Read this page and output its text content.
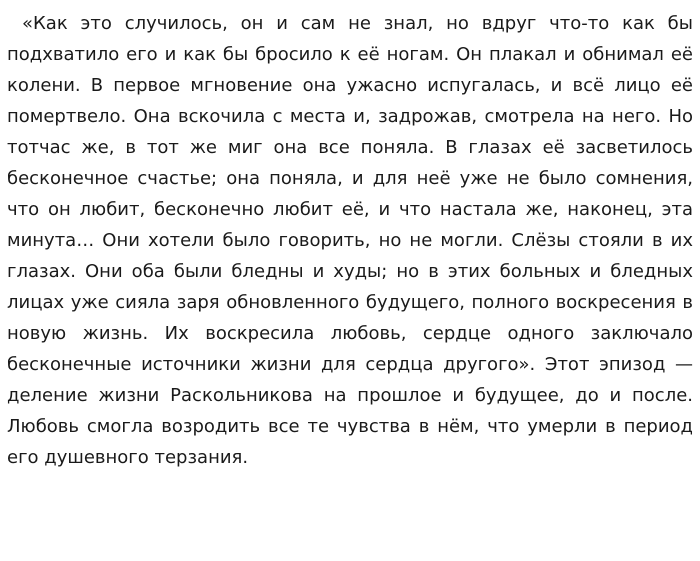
«Как это случилось, он и сам не знал, но вдруг что-то как бы подхватило его и как бы бросило к её ногам. Он плакал и обнимал её колени. В первое мгновение она ужасно испугалась, и всё лицо её помертвело. Она вскочила с места и, задрожав, смотрела на него. Но тотчас же, в тот же миг она все поняла. В глазах её засветилось бесконечное счастье; она поняла, и для неё уже не было сомнения, что он любит, бесконечно любит её, и что настала же, наконец, эта минута… Они хотели было говорить, но не могли. Слёзы стояли в их глазах. Они оба были бледны и худы; но в этих больных и бледных лицах уже сияла заря обновленного будущего, полного воскресения в новую жизнь. Их воскресила любовь, сердце одного заключало бесконечные источники жизни для сердца другого». Этот эпизод — деление жизни Раскольникова на прошлое и будущее, до и после. Любовь смогла возродить все те чувства в нём, что умерли в период его душевного терзания.
